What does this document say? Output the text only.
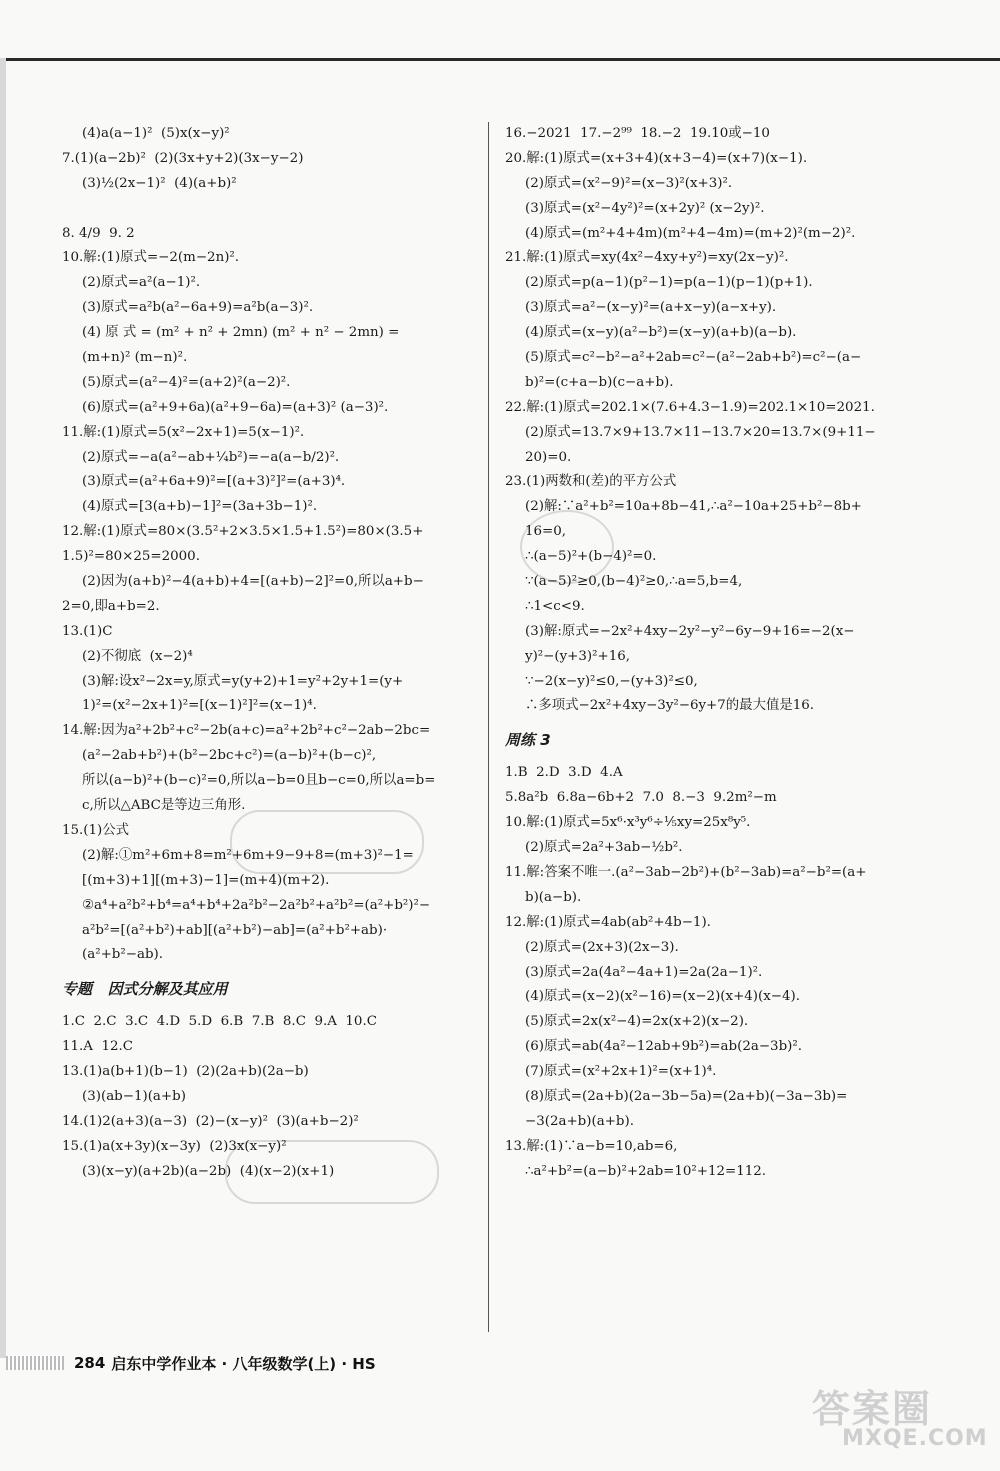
(4)a(a−1)²  (5)x(x−y)²
7.(1)(a−2b)²  (2)(3x+y+2)(3x−y−2)
(3)½(2x−1)²  (4)(a+b)²
8. 4/9  9. 2
10.解:(1)原式=−2(m−2n)².
(2)原式=a²(a−1)².
(3)原式=a²b(a²−6a+9)=a²b(a−3)².
(4) 原 式 = (m² + n² + 2mn) (m² + n² − 2mn) =
(m+n)² (m−n)².
(5)原式=(a²−4)²=(a+2)²(a−2)².
(6)原式=(a²+9+6a)(a²+9−6a)=(a+3)² (a−3)².
11.解:(1)原式=5(x²−2x+1)=5(x−1)².
(2)原式=−a(a²−ab+¼b²)=−a(a−b/2)².
(3)原式=(a²+6a+9)²=[(a+3)²]²=(a+3)⁴.
(4)原式=[3(a+b)−1]²=(3a+3b−1)².
12.解:(1)原式=80×(3.5²+2×3.5×1.5+1.5²)=80×(3.5+
1.5)²=80×25=2000.
(2)因为(a+b)²−4(a+b)+4=[(a+b)−2]²=0,所以a+b−
2=0,即a+b=2.
13.(1)C
(2)不彻底  (x−2)⁴
(3)解:设x²−2x=y,原式=y(y+2)+1=y²+2y+1=(y+
1)²=(x²−2x+1)²=[(x−1)²]²=(x−1)⁴.
14.解:因为a²+2b²+c²−2b(a+c)=a²+2b²+c²−2ab−2bc=
(a²−2ab+b²)+(b²−2bc+c²)=(a−b)²+(b−c)²,
所以(a−b)²+(b−c)²=0,所以a−b=0且b−c=0,所以a=b=
c,所以△ABC是等边三角形.
15.(1)公式
(2)解:①m²+6m+8=m²+6m+9−9+8=(m+3)²−1=
[(m+3)+1][(m+3)−1]=(m+4)(m+2).
②a⁴+a²b²+b⁴=a⁴+b⁴+2a²b²−2a²b²+a²b²=(a²+b²)²−
a²b²=[(a²+b²)+ab][(a²+b²)−ab]=(a²+b²+ab)·
(a²+b²−ab).
专题   因式分解及其应用
1.C  2.C  3.C  4.D  5.D  6.B  7.B  8.C  9.A  10.C
11.A  12.C
13.(1)a(b+1)(b−1)  (2)(2a+b)(2a−b)
(3)(ab−1)(a+b)
14.(1)2(a+3)(a−3)  (2)−(x−y)²  (3)(a+b−2)²
15.(1)a(x+3y)(x−3y)  (2)3x(x−y)²
(3)(x−y)(a+2b)(a−2b)  (4)(x−2)(x+1)
16.−2021  17.−2⁹⁹  18.−2  19.10或−10
20.解:(1)原式=(x+3+4)(x+3−4)=(x+7)(x−1).
(2)原式=(x²−9)²=(x−3)²(x+3)².
(3)原式=(x²−4y²)²=(x+2y)² (x−2y)².
(4)原式=(m²+4+4m)(m²+4−4m)=(m+2)²(m−2)².
21.解:(1)原式=xy(4x²−4xy+y²)=xy(2x−y)².
(2)原式=p(a−1)(p²−1)=p(a−1)(p−1)(p+1).
(3)原式=a²−(x−y)²=(a+x−y)(a−x+y).
(4)原式=(x−y)(a²−b²)=(x−y)(a+b)(a−b).
(5)原式=c²−b²−a²+2ab=c²−(a²−2ab+b²)=c²−(a−
b)²=(c+a−b)(c−a+b).
22.解:(1)原式=202.1×(7.6+4.3−1.9)=202.1×10=2021.
(2)原式=13.7×9+13.7×11−13.7×20=13.7×(9+11−
20)=0.
23.(1)两数和(差)的平方公式
(2)解:∵a²+b²=10a+8b−41,∴a²−10a+25+b²−8b+
16=0,
∴(a−5)²+(b−4)²=0.
∵(a−5)²≥0,(b−4)²≥0,∴a=5,b=4,
∴1<c<9.
(3)解:原式=−2x²+4xy−2y²−y²−6y−9+16=−2(x−
y)²−(y+3)²+16,
∵−2(x−y)²≤0,−(y+3)²≤0,
∴多项式−2x²+4xy−3y²−6y+7的最大值是16.
周练 3
1.B  2.D  3.D  4.A
5.8a²b  6.8a−6b+2  7.0  8.−3  9.2m²−m
10.解:(1)原式=5x⁶·x³y⁶÷⅕xy=25x⁸y⁵.
(2)原式=2a²+3ab−½b².
11.解:答案不唯一.(a²−3ab−2b²)+(b²−3ab)=a²−b²=(a+
b)(a−b).
12.解:(1)原式=4ab(ab²+4b−1).
(2)原式=(2x+3)(2x−3).
(3)原式=2a(4a²−4a+1)=2a(2a−1)².
(4)原式=(x−2)(x²−16)=(x−2)(x+4)(x−4).
(5)原式=2x(x²−4)=2x(x+2)(x−2).
(6)原式=ab(4a²−12ab+9b²)=ab(2a−3b)².
(7)原式=(x²+2x+1)²=(x+1)⁴.
(8)原式=(2a+b)(2a−3b−5a)=(2a+b)(−3a−3b)=
−3(2a+b)(a+b).
13.解:(1)∵a−b=10,ab=6,
∴a²+b²=(a−b)²+2ab=10²+12=112.
284 启东中学作业本 · 八年级数学(上) · HS
答案圈
MXQE.COM
